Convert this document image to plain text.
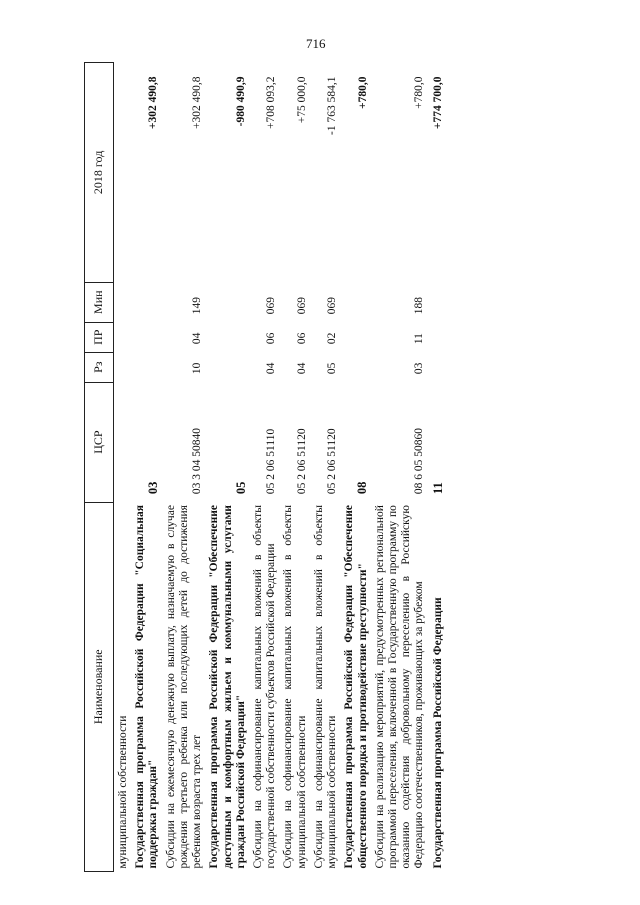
716
Наименование	ЦСР	Рз	ПР	Мин	2018 год
муниципальной собственности					
Государственная программа Российской Федерации "Социальная поддержка граждан"	03				+302 490,8
Субсидии на ежемесячную денежную выплату, назначаемую в случае рождения третьего ребенка или последующих детей до достижения ребенком возраста трех лет	03 3 04 50840	10	04	149	+302 490,8
Государственная программа Российской Федерации "Обеспечение доступным и комфортным жильем и коммунальными услугами граждан Российской Федерации"	05				-980 490,9
Субсидии на софинансирование капитальных вложений в объекты государственной собственности субъектов Российской Федерации	05 2 06 51110	04	06	069	+708 093,2
Субсидии на софинансирование капитальных вложений в объекты муниципальной собственности	05 2 06 51120	04	06	069	+75 000,0
Субсидии на софинансирование капитальных вложений в объекты муниципальной собственности	05 2 06 51120	05	02	069	-1 763 584,1
Государственная программа Российской Федерации "Обеспечение общественного порядка и противодействие преступности"	08				+780,0
Субсидии на реализацию мероприятий, предусмотренных региональной программой переселения, включенной в Государственную программу по оказанию содействия добровольному переселению в Российскую Федерацию соотечественников, проживающих за рубежом	08 6 05 50860	03	11	188	+780,0
Государственная программа Российской Федерации	11				+774 700,0
